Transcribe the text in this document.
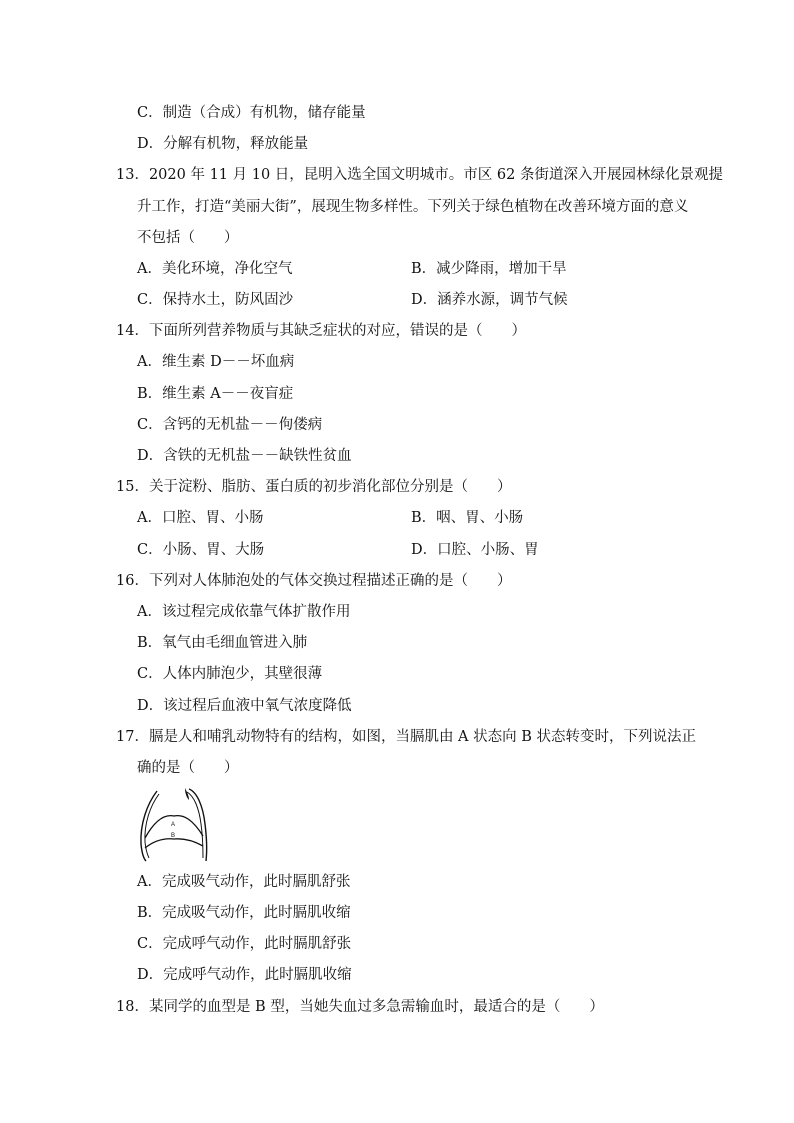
C．制造（合成）有机物，储存能量
D．分解有机物，释放能量
13．2020 年 11 月 10 日，昆明入选全国文明城市。市区 62 条街道深入开展园林绿化景观提
升工作，打造“美丽大街”，展现生物多样性。下列关于绿色植物在改善环境方面的意义
不包括（　　）
A．美化环境，净化空气	B．减少降雨，增加干旱
C．保持水土，防风固沙	D．涵养水源，调节气候
14．下面所列营养物质与其缺乏症状的对应，错误的是（　　）
A．维生素 D－－坏血病
B．维生素 A－－夜盲症
C．含钙的无机盐－－佝偻病
D．含铁的无机盐－－缺铁性贫血
15．关于淀粉、脂肪、蛋白质的初步消化部位分别是（　　）
A．口腔、胃、小肠	B．咽、胃、小肠
C．小肠、胃、大肠	D．口腔、小肠、胃
16．下列对人体肺泡处的气体交换过程描述正确的是（　　）
A．该过程完成依靠气体扩散作用
B．氧气由毛细血管进入肺
C．人体内肺泡少，其壁很薄
D．该过程后血液中氧气浓度降低
17．膈是人和哺乳动物特有的结构，如图，当膈肌由 A 状态向 B 状态转变时，下列说法正
确的是（　　）
A
B
A．完成吸气动作，此时膈肌舒张
B．完成吸气动作，此时膈肌收缩
C．完成呼气动作，此时膈肌舒张
D．完成呼气动作，此时膈肌收缩
18．某同学的血型是 B 型，当她失血过多急需输血时，最适合的是（　　）
